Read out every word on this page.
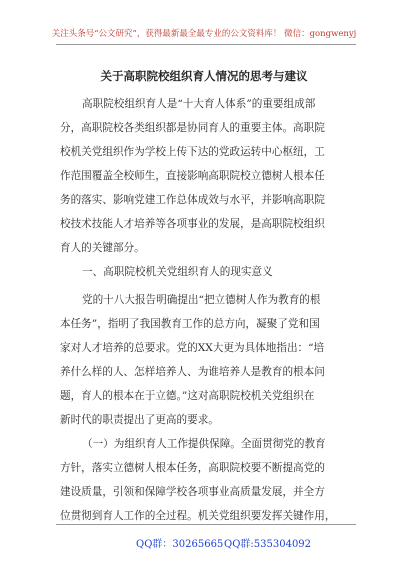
关注头条号“公文研究”，获得最新最全最专业的公文资料库！ 微信：gongwenyj
关于高职院校组织育人情况的思考与建议
高职院校组织育人是“十大育人体系”的重要组成部
分，高职院校各类组织都是协同育人的重要主体。高职院
校机关党组织作为学校上传下达的党政运转中心枢纽，工
作范围覆盖全校师生，直接影响高职院校立德树人根本任
务的落实、影响党建工作总体成效与水平，并影响高职院
校技术技能人才培养等各项事业的发展，是高职院校组织
育人的关键部分。
一、高职院校机关党组织育人的现实意义
党的十八大报告明确提出“把立德树人作为教育的根
本任务”，指明了我国教育工作的总方向，凝聚了党和国
家对人才培养的总要求。党的XX大更为具体地指出：“培
养什么样的人、怎样培养人、为谁培养人是教育的根本问
题，育人的根本在于立德。”这对高职院校机关党组织在
新时代的职责提出了更高的要求。
（一）为组织育人工作提供保障。全面贯彻党的教育
方针，落实立德树人根本任务，高职院校要不断提高党的
建设质量，引领和保障学校各项事业高质量发展，并全方
位贯彻到育人工作的全过程。机关党组织要发挥关键作用，
QQ群：30265665 QQ群:535304092
